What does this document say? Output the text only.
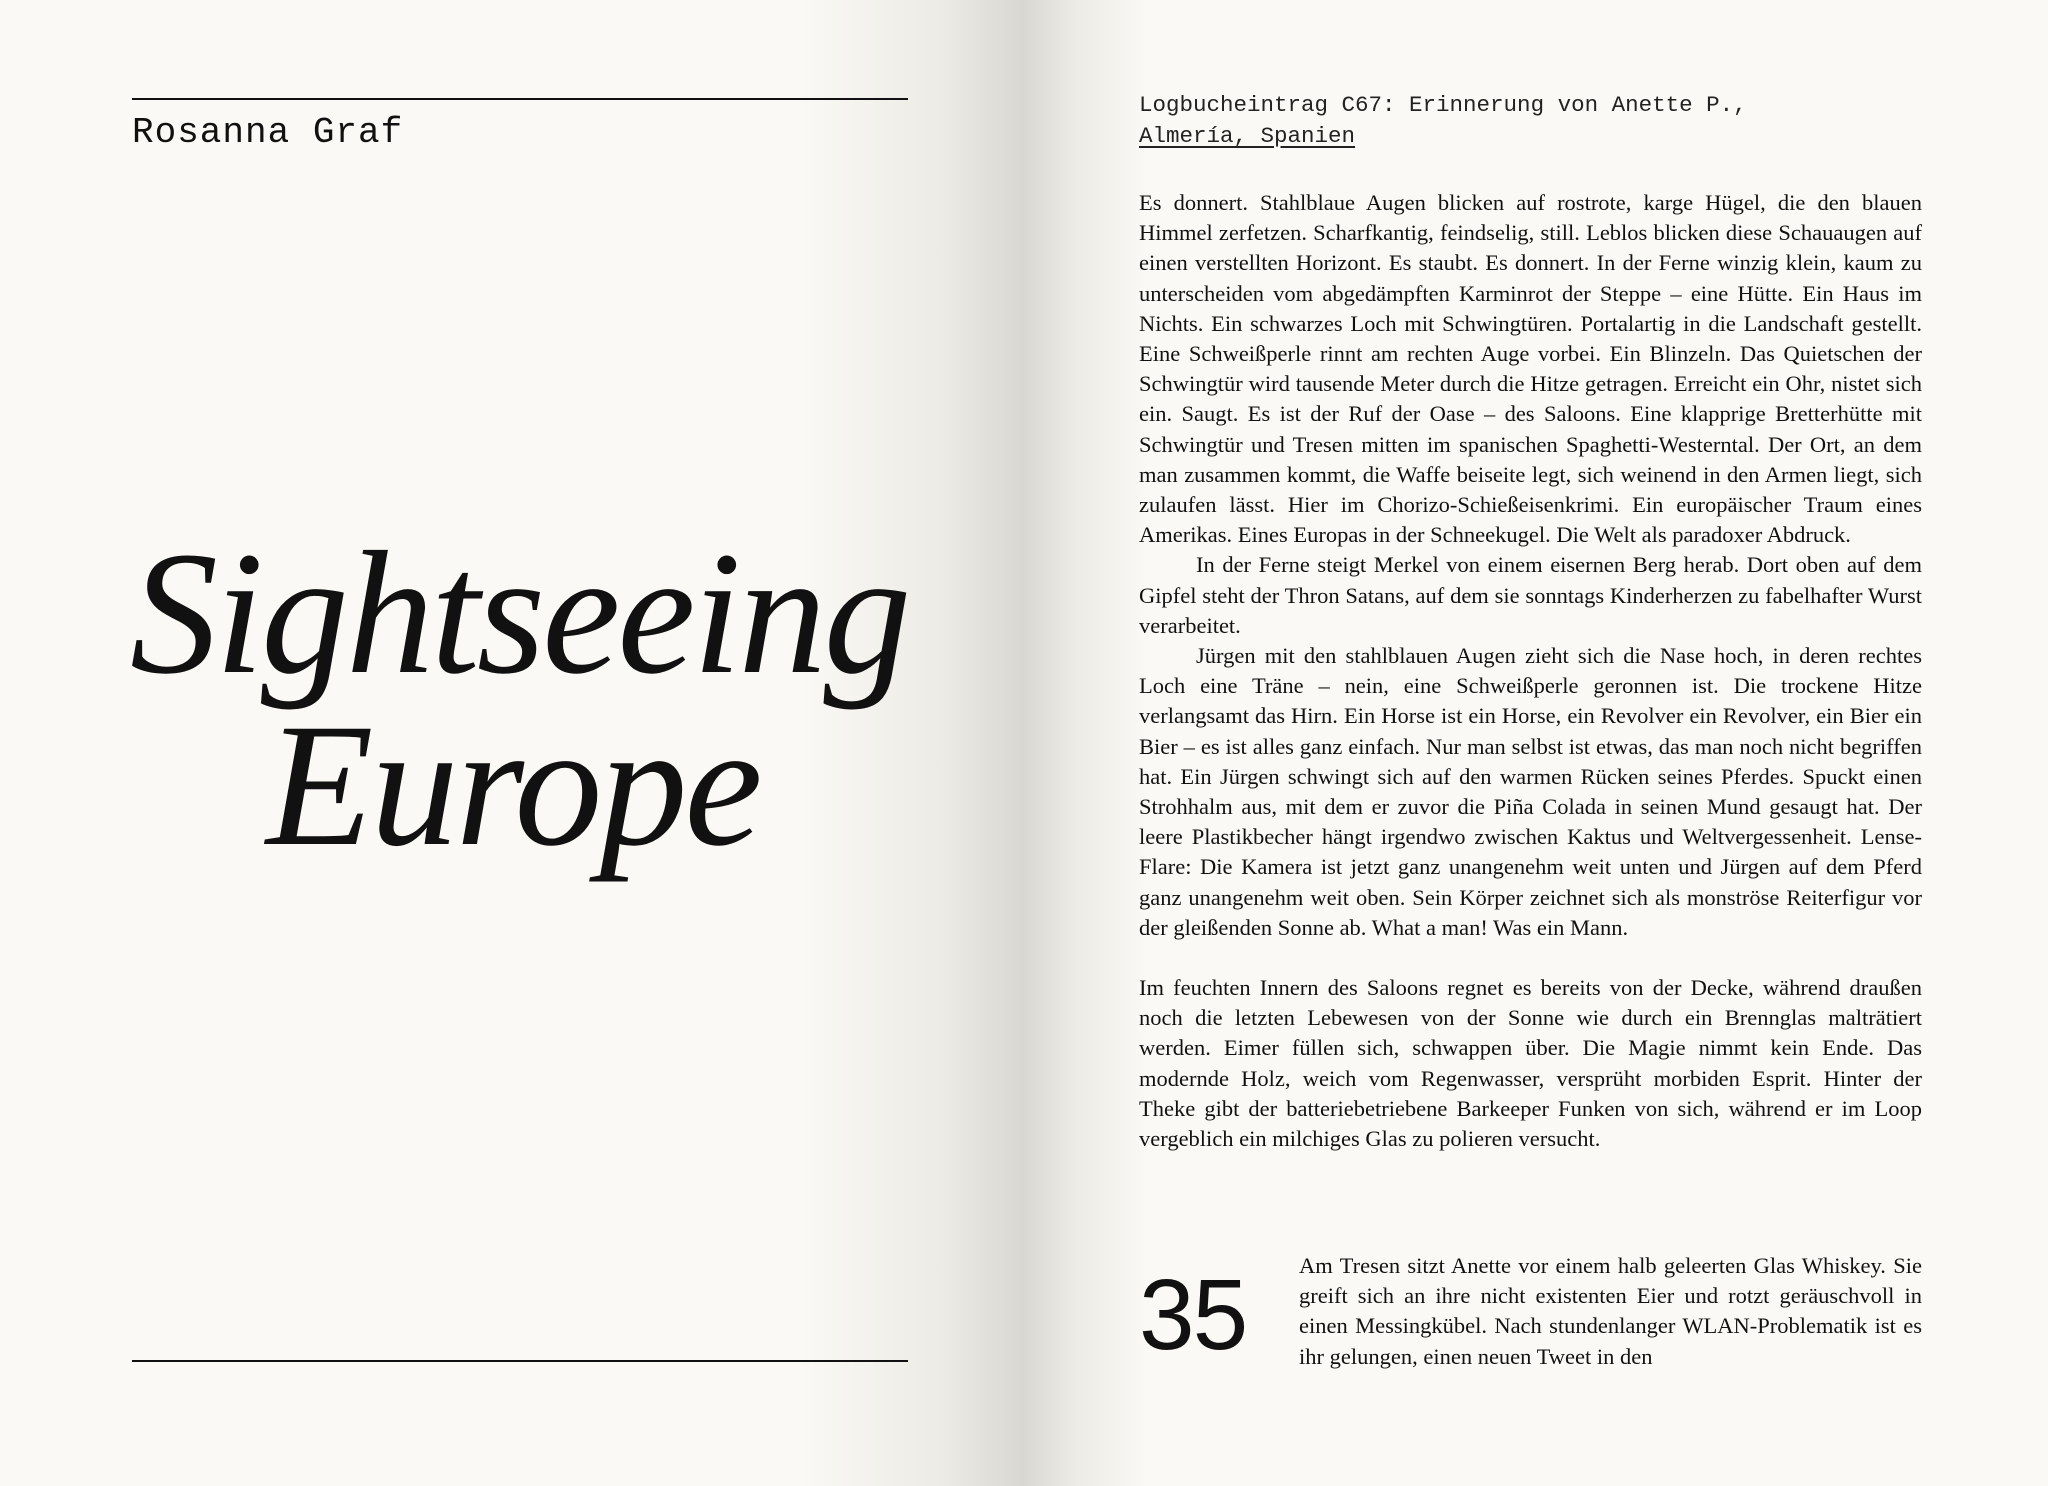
Rosanna Graf
Sightseeing
Europe
Logbucheintrag C67: Erinnerung von Anette P.,
Almería, Spanien

Es donnert. Stahlblaue Augen blicken auf rostrote, karge Hügel, die den blauen Himmel zerfetzen. Scharfkantig, feindselig, still. Leblos blicken diese Schauaugen auf einen verstellten Horizont. Es staubt. Es donnert. In der Ferne winzig klein, kaum zu unterscheiden vom abgedämpften Karminrot der Steppe – eine Hütte. Ein Haus im Nichts. Ein schwarzes Loch mit Schwingtüren. Portalartig in die Landschaft gestellt. Eine Schweißperle rinnt am rechten Auge vorbei. Ein Blinzeln. Das Quietschen der Schwingtür wird tausende Meter durch die Hitze getragen. Erreicht ein Ohr, nistet sich ein. Saugt. Es ist der Ruf der Oase – des Saloons. Eine klapprige Bretterhütte mit Schwingtür und Tresen mitten im spanischen Spaghetti-Westerntal. Der Ort, an dem man zusammen kommt, die Waffe beiseite legt, sich weinend in den Armen liegt, sich zulaufen lässt. Hier im Chorizo-Schießeisenkrimi. Ein europäischer Traum eines Amerikas. Eines Europas in der Schneekugel. Die Welt als paradoxer Abdruck.

In der Ferne steigt Merkel von einem eisernen Berg herab. Dort oben auf dem Gipfel steht der Thron Satans, auf dem sie sonntags Kinderherzen zu fabelhafter Wurst verarbeitet.

Jürgen mit den stahlblauen Augen zieht sich die Nase hoch, in deren rechtes Loch eine Träne – nein, eine Schweißperle geronnen ist. Die trockene Hitze verlangsamt das Hirn. Ein Horse ist ein Horse, ein Revolver ein Revolver, ein Bier ein Bier – es ist alles ganz einfach. Nur man selbst ist etwas, das man noch nicht begriffen hat. Ein Jürgen schwingt sich auf den warmen Rücken seines Pferdes. Spuckt einen Strohhalm aus, mit dem er zuvor die Piña Colada in seinen Mund gesaugt hat. Der leere Plastikbecher hängt irgendwo zwischen Kaktus und Weltvergessenheit. Lense-Flare: Die Kamera ist jetzt ganz unangenehm weit unten und Jürgen auf dem Pferd ganz unangenehm weit oben. Sein Körper zeichnet sich als monströse Reiterfigur vor der gleißenden Sonne ab. What a man! Was ein Mann.

Im feuchten Innern des Saloons regnet es bereits von der Decke, während draußen noch die letzten Lebewesen von der Sonne wie durch ein Brennglas malträtiert werden. Eimer füllen sich, schwappen über. Die Magie nimmt kein Ende. Das modernde Holz, weich vom Regenwasser, versprüht morbiden Esprit. Hinter der Theke gibt der batteriebetriebene Barkeeper Funken von sich, während er im Loop vergeblich ein milchiges Glas zu polieren versucht.

35	Am Tresen sitzt Anette vor einem halb geleerten Glas Whiskey. Sie greift sich an ihre nicht existenten Eier und rotzt geräuschvoll in einen Messingkübel. Nach stundenlanger WLAN-Problematik ist es ihr gelungen, einen neuen Tweet in den
